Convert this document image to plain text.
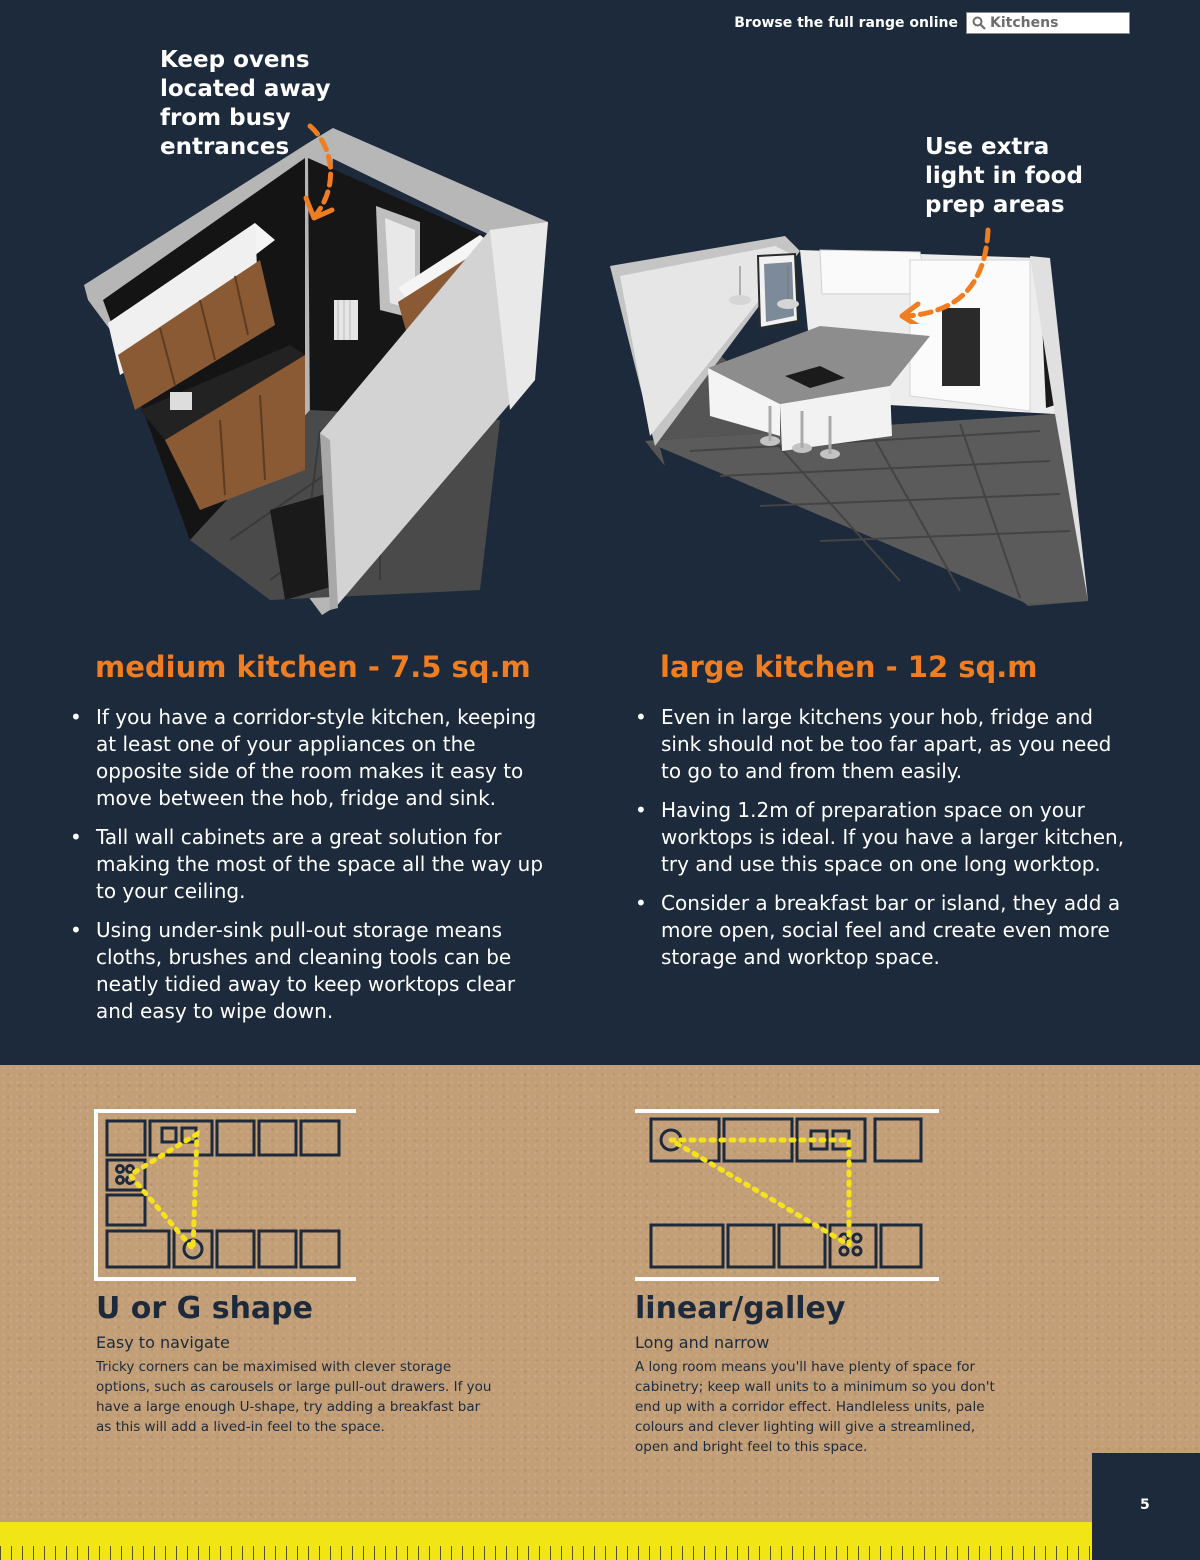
Browse the full range online Kitchens
Keep ovens located away from busy entrances	Use extra light in food prep areas
medium kitchen - 7.5 sq.m
• If you have a corridor-style kitchen, keeping at least one of your appliances on the opposite side of the room makes it easy to move between the hob, fridge and sink.
• Tall wall cabinets are a great solution for making the most of the space all the way up to your ceiling.
• Using under-sink pull-out storage means cloths, brushes and cleaning tools can be neatly tidied away to keep worktops clear and easy to wipe down.
large kitchen - 12 sq.m
• Even in large kitchens your hob, fridge and sink should not be too far apart, as you need to go to and from them easily.
• Having 1.2m of preparation space on your worktops is ideal. If you have a larger kitchen, try and use this space on one long worktop.
• Consider a breakfast bar or island, they add a more open, social feel and create even more storage and worktop space.
U or G shape
Easy to navigate
Tricky corners can be maximised with clever storage options, such as carousels or large pull-out drawers. If you have a large enough U-shape, try adding a breakfast bar as this will add a lived-in feel to the space.
linear/galley
Long and narrow
A long room means you'll have plenty of space for cabinetry; keep wall units to a minimum so you don't end up with a corridor effect. Handleless units, pale colours and clever lighting will give a streamlined, open and bright feel to this space.
5
